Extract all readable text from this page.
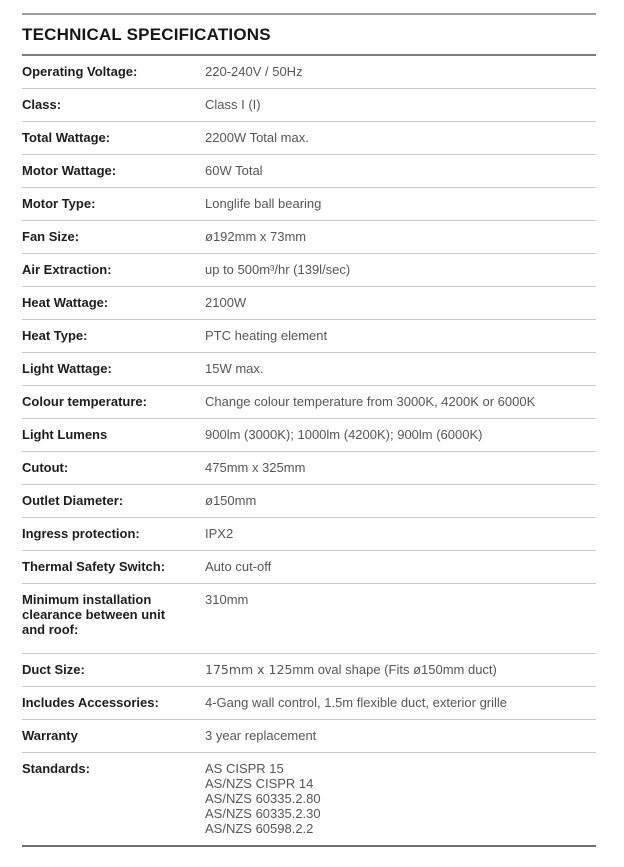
TECHNICAL SPECIFICATIONS
Operating Voltage:	220-240V / 50Hz
Class:	Class I (I)
Total Wattage:	2200W Total max.
Motor Wattage:	60W Total
Motor Type:	Longlife ball bearing
Fan Size:	ø192mm x 73mm
Air Extraction:	up to 500m³/hr (139l/sec)
Heat Wattage:	2100W
Heat Type:	PTC heating element
Light Wattage:	15W max.
Colour temperature:	Change colour temperature from 3000K, 4200K or 6000K
Light Lumens	900lm (3000K); 1000lm (4200K); 900lm (6000K)
Cutout:	475mm x 325mm
Outlet Diameter:	ø150mm
Ingress protection:	IPX2
Thermal Safety Switch:	Auto cut-off
Minimum installation clearance between unit and roof:
310mm
Duct Size:	175mm x 125mm oval shape (Fits ø150mm duct)
Includes Accessories:	4-Gang wall control, 1.5m flexible duct, exterior grille
Warranty	3 year replacement
Standards:	AS CISPR 15
AS/NZS CISPR 14
AS/NZS 60335.2.80
AS/NZS 60335.2.30
AS/NZS 60598.2.2
